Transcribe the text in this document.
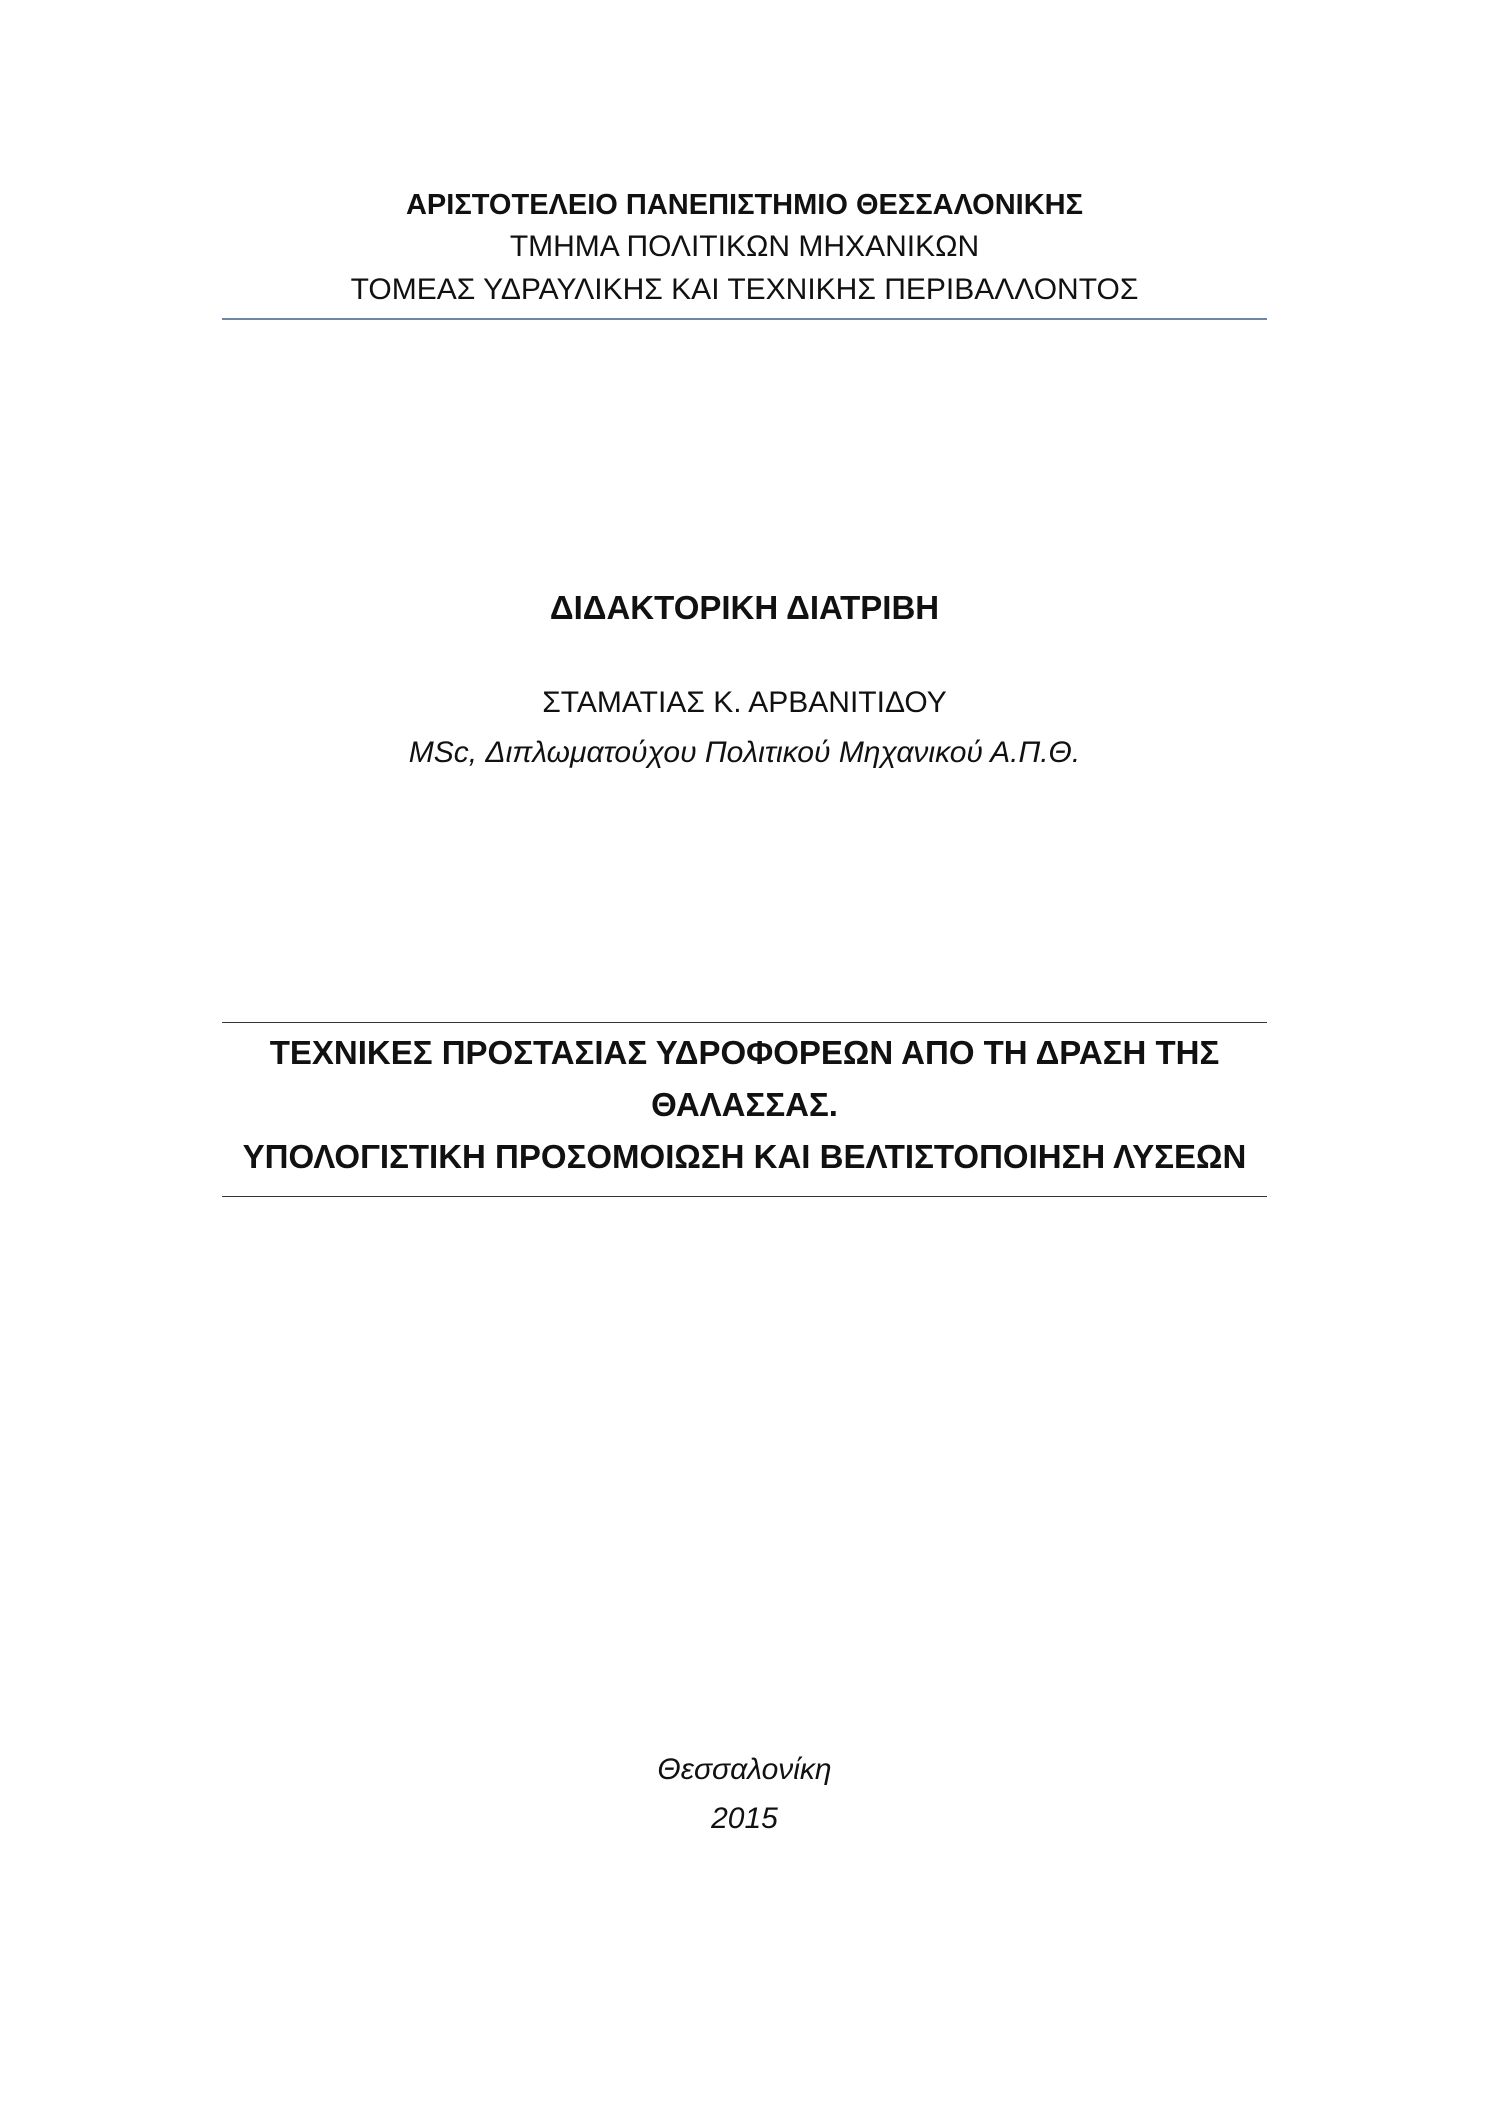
ΑΡΙΣΤΟΤΕΛΕΙΟ ΠΑΝΕΠΙΣΤΗΜΙΟ ΘΕΣΣΑΛΟΝΙΚΗΣ
ΤΜΗΜΑ ΠΟΛΙΤΙΚΩΝ ΜΗΧΑΝΙΚΩΝ
ΤΟΜΕΑΣ ΥΔΡΑΥΛΙΚΗΣ ΚΑΙ ΤΕΧΝΙΚΗΣ ΠΕΡΙΒΑΛΛΟΝΤΟΣ
ΔΙΔΑΚΤΟΡΙΚΗ ΔΙΑΤΡΙΒΗ
ΣΤΑΜΑΤΙΑΣ Κ. ΑΡΒΑΝΙΤΙΔΟΥ
MSc, Διπλωματούχου Πολιτικού Μηχανικού Α.Π.Θ.
ΤΕΧΝΙΚΕΣ ΠΡΟΣΤΑΣΙΑΣ ΥΔΡΟΦΟΡΕΩΝ ΑΠΟ ΤΗ ΔΡΑΣΗ ΤΗΣ
ΘΑΛΑΣΣΑΣ.
ΥΠΟΛΟΓΙΣΤΙΚΗ ΠΡΟΣΟΜΟΙΩΣΗ ΚΑΙ ΒΕΛΤΙΣΤΟΠΟΙΗΣΗ ΛΥΣΕΩΝ
Θεσσαλονίκη
2015
